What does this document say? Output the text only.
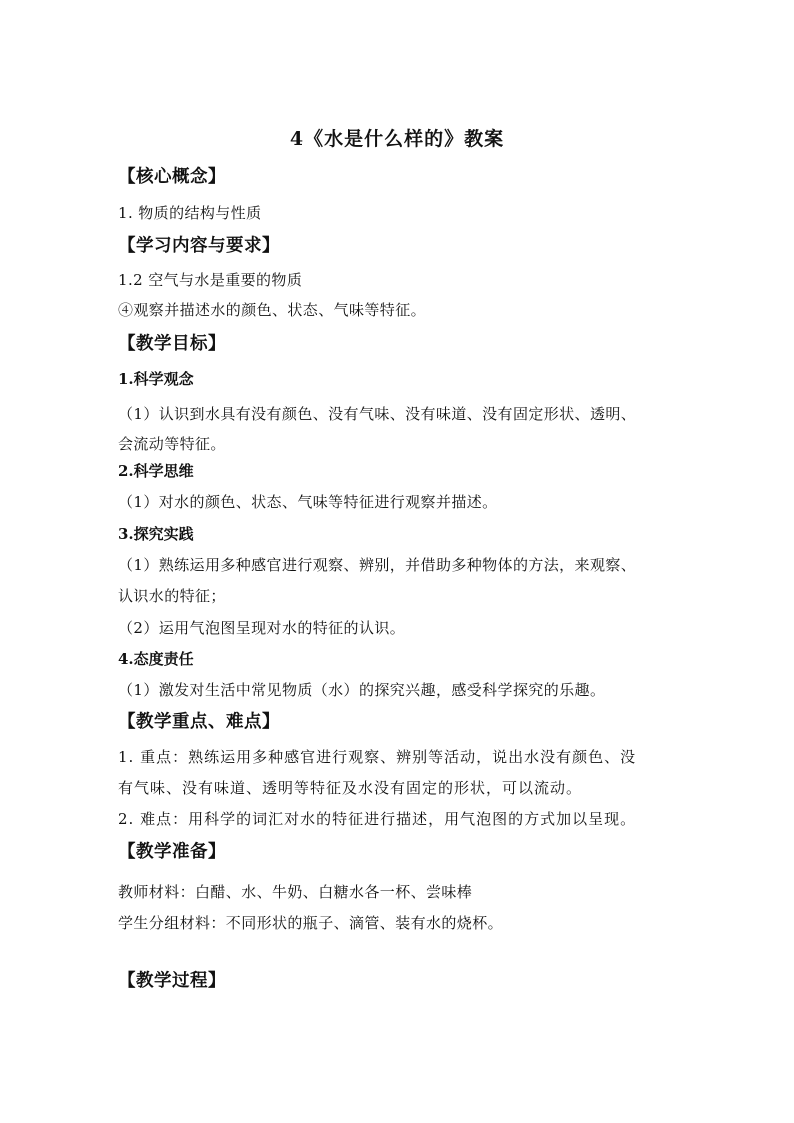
4《水是什么样的》教案
【核心概念】
1. 物质的结构与性质
【学习内容与要求】
1.2 空气与水是重要的物质
④观察并描述水的颜色、状态、气味等特征。
【教学目标】
1.科学观念
（1）认识到水具有没有颜色、没有气味、没有味道、没有固定形状、透明、
会流动等特征。
2.科学思维
（1）对水的颜色、状态、气味等特征进行观察并描述。
3.探究实践
（1）熟练运用多种感官进行观察、辨别，并借助多种物体的方法，来观察、
认识水的特征；
（2）运用气泡图呈现对水的特征的认识。
4.态度责任
（1）激发对生活中常见物质（水）的探究兴趣，感受科学探究的乐趣。
【教学重点、难点】
1. 重点：熟练运用多种感官进行观察、辨别等活动，说出水没有颜色、没
有气味、没有味道、透明等特征及水没有固定的形状，可以流动。
2. 难点：用科学的词汇对水的特征进行描述，用气泡图的方式加以呈现。
【教学准备】
教师材料：白醋、水、牛奶、白糖水各一杯、尝味棒
学生分组材料：不同形状的瓶子、滴管、装有水的烧杯。
【教学过程】
